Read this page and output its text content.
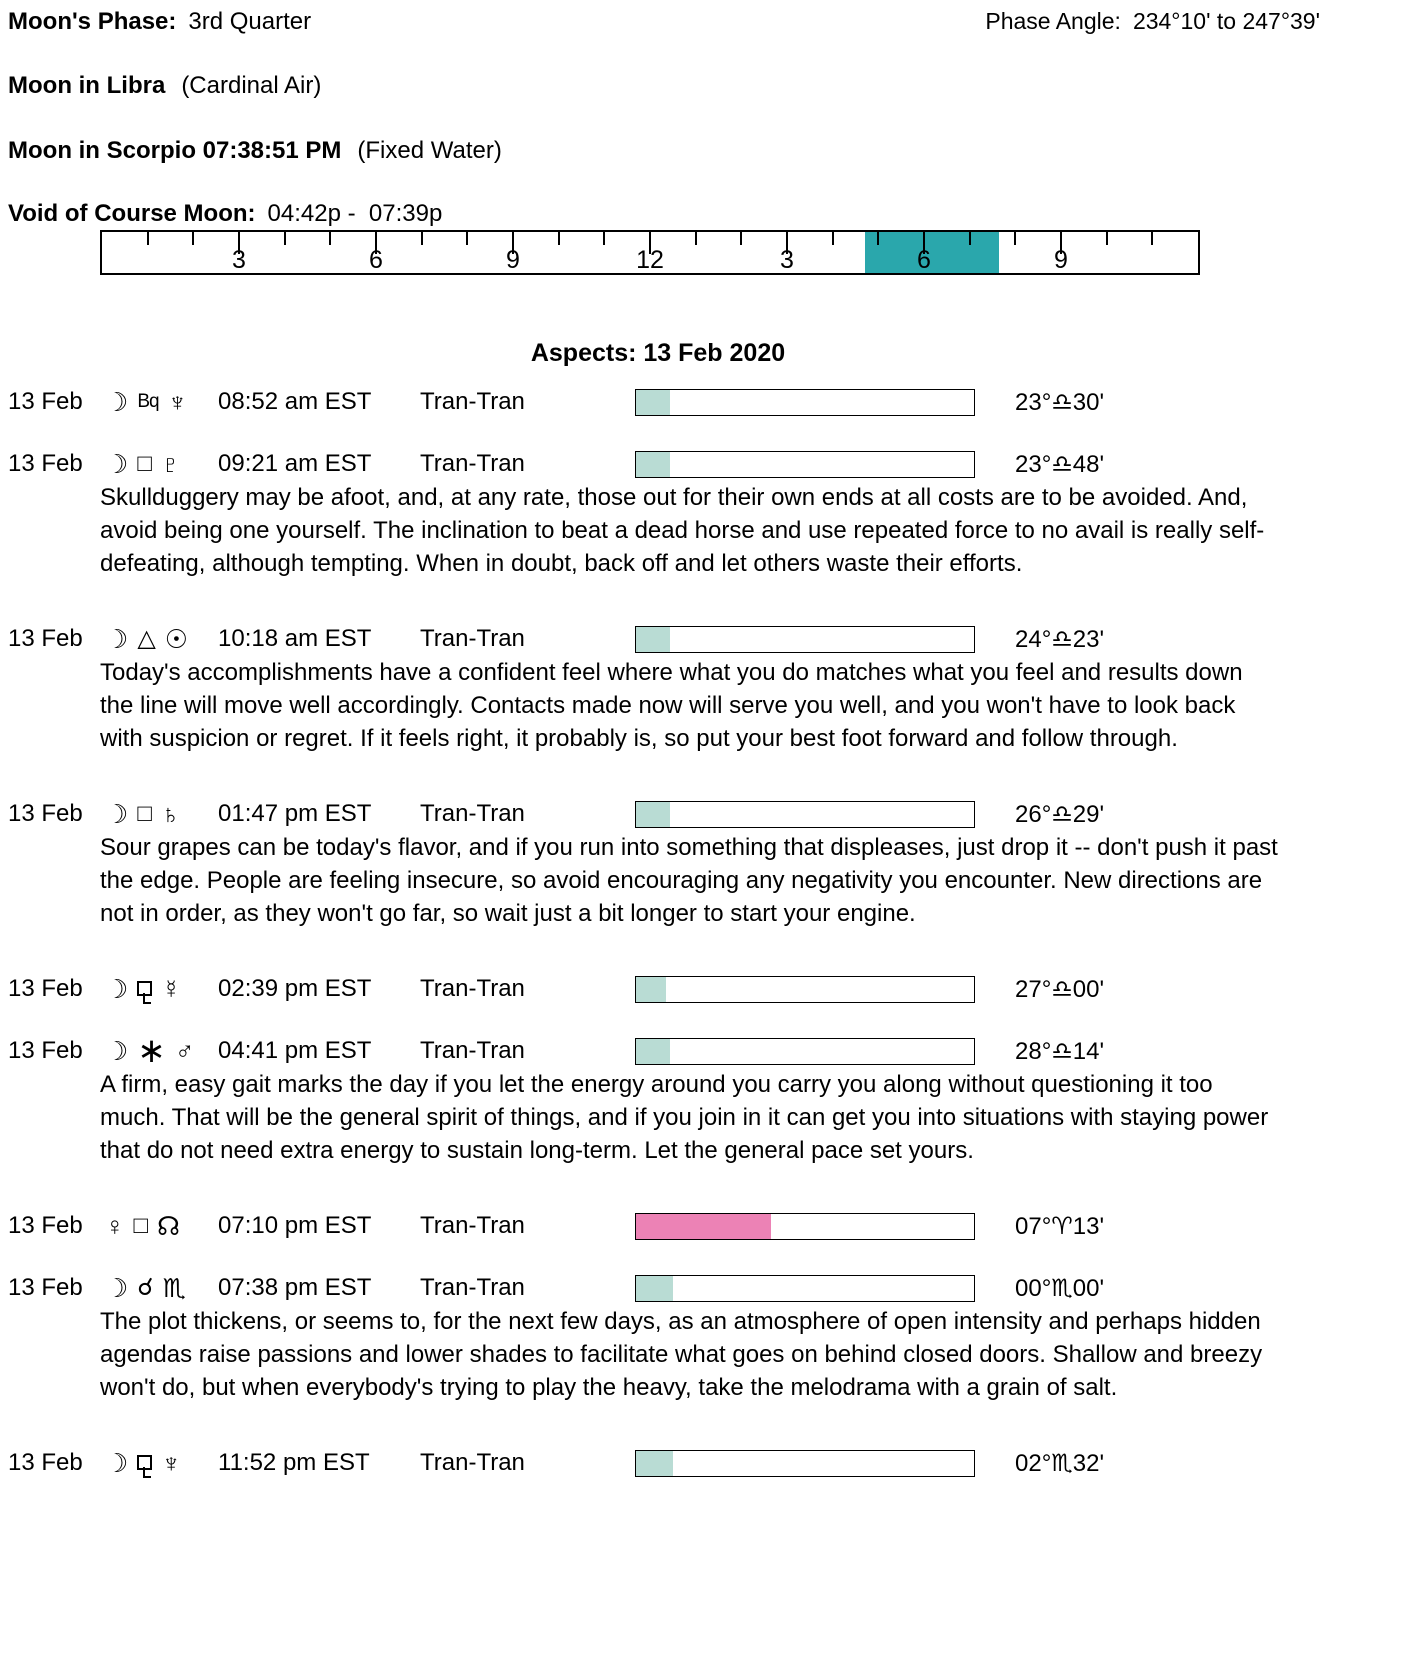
Moon's Phase: 3rd Quarter	Phase Angle: 234°10' to 247°39'
Moon in Libra (Cardinal Air)
Moon in Scorpio 07:38:51 PM (Fixed Water)
Void of Course Moon: 04:42p -  07:39p
3	6	9	12	3	6	9
Aspects: 13 Feb 2020
13 Feb ☽ Bq ♆ 08:52 am EST	Tran-Tran	23°♎30'
13 Feb ☽ □ ♇ 09:21 am EST	Tran-Tran	23°♎48'
Skullduggery may be afoot, and, at any rate, those out for their own ends at all costs are to be avoided. And, avoid being one yourself. The inclination to beat a dead horse and use repeated force to no avail is really self-defeating, although tempting. When in doubt, back off and let others waste their efforts.
13 Feb ☽ △ ☉ 10:18 am EST	Tran-Tran	24°♎23'
Today's accomplishments have a confident feel where what you do matches what you feel and results down the line will move well accordingly. Contacts made now will serve you well, and you won't have to look back with suspicion or regret. If it feels right, it probably is, so put your best foot forward and follow through.
13 Feb ☽ □ ♄ 01:47 pm EST	Tran-Tran	26°♎29'
Sour grapes can be today's flavor, and if you run into something that displeases, just drop it -- don't push it past the edge. People are feeling insecure, so avoid encouraging any negativity you encounter. New directions are not in order, as they won't go far, so wait just a bit longer to start your engine.
13 Feb ☽ ☿ 02:39 pm EST	Tran-Tran	27°♎00'
13 Feb ☽ ∗ ♂ 04:41 pm EST	Tran-Tran	28°♎14'
A firm, easy gait marks the day if you let the energy around you carry you along without questioning it too much. That will be the general spirit of things, and if you join in it can get you into situations with staying power that do not need extra energy to sustain long-term. Let the general pace set yours.
13 Feb ♀ □ ☊ 07:10 pm EST	Tran-Tran	07°♈13'
13 Feb ☽ ☌ ♏ 07:38 pm EST	Tran-Tran	00°♏00'
The plot thickens, or seems to, for the next few days, as an atmosphere of open intensity and perhaps hidden agendas raise passions and lower shades to facilitate what goes on behind closed doors. Shallow and breezy won't do, but when everybody's trying to play the heavy, take the melodrama with a grain of salt.
13 Feb ☽ ♆ 11:52 pm EST	Tran-Tran	02°♏32'
